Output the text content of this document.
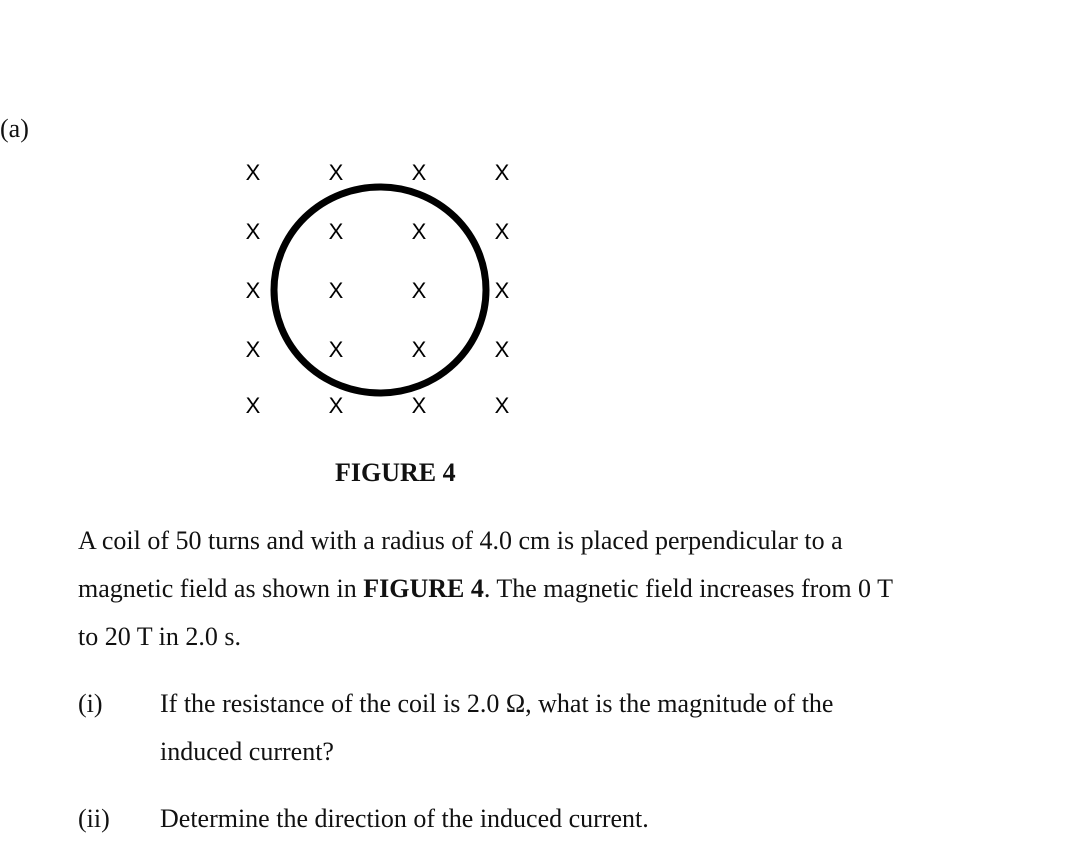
(a)
X	X	X	X
X	X	X	X
X	X	X	X
X	X	X	X
X	X	X	X
FIGURE 4
A coil of 50 turns and with a radius of 4.0 cm is placed perpendicular to a
magnetic field as shown in FIGURE 4. The magnetic field increases from 0 T
to 20 T in 2.0 s.
(i) If the resistance of the coil is 2.0 Ω, what is the magnitude of the
induced current?
(ii) Determine the direction of the induced current.
